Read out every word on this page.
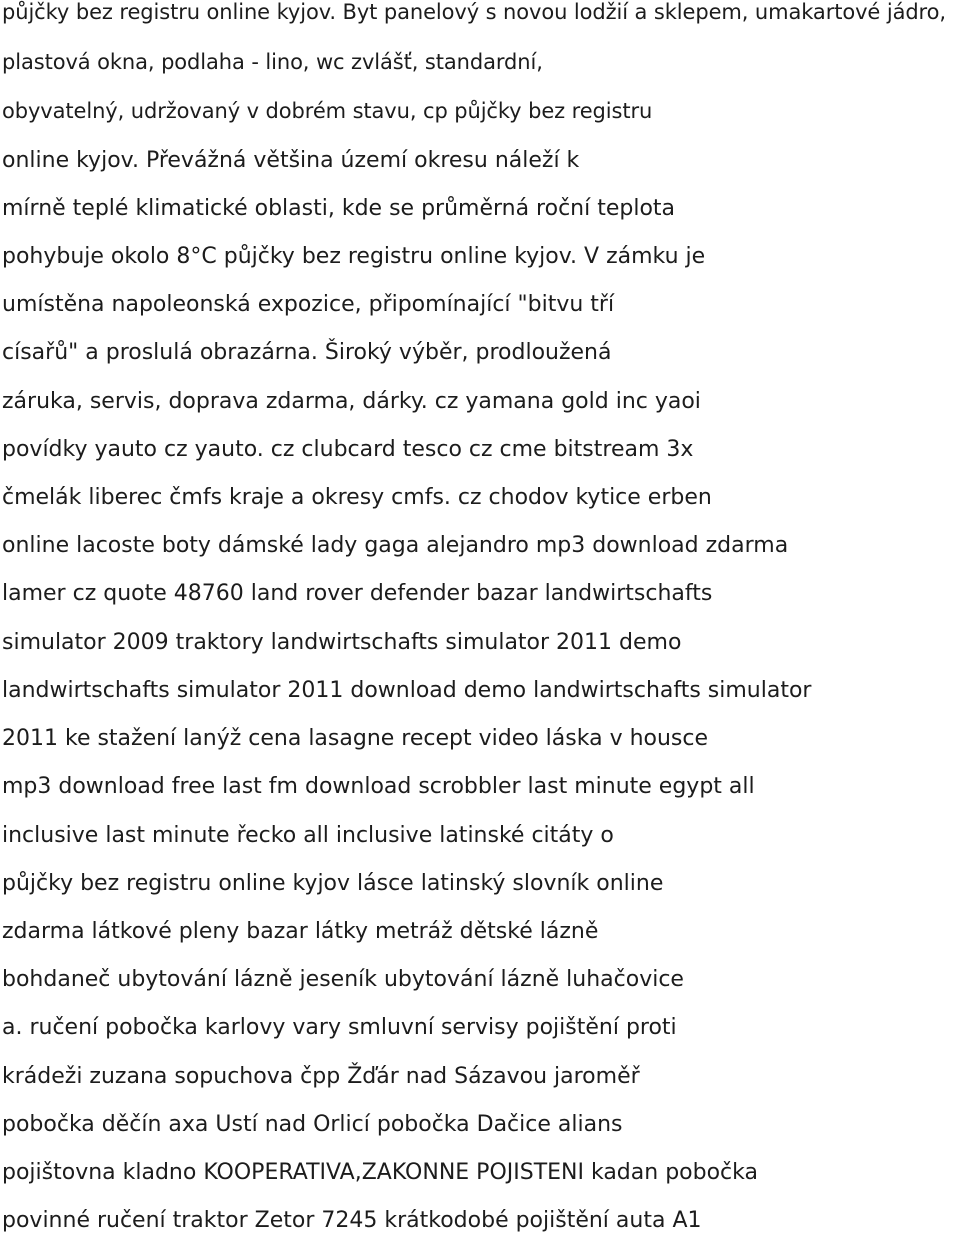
půjčky bez registru online kyjov. Byt panelový s novou lodžií a sklepem, umakartové jádro,
plastová okna, podlaha - lino, wc zvlášť, standardní,
obyvatelný, udržovaný v dobrém stavu, cp půjčky bez registru
online kyjov. Převážná většina území okresu náleží k
mírně teplé klimatické oblasti, kde se průměrná roční teplota
pohybuje okolo 8°C půjčky bez registru online kyjov. V zámku je
umístěna napoleonská expozice, připomínající "bitvu tří
císařů" a proslulá obrazárna. Široký výběr, prodloužená
záruka, servis, doprava zdarma, dárky. cz yamana gold inc yaoi
povídky yauto cz yauto. cz clubcard tesco cz cme bitstream 3x
čmelák liberec čmfs kraje a okresy cmfs. cz chodov kytice erben
online lacoste boty dámské lady gaga alejandro mp3 download zdarma
lamer cz quote 48760 land rover defender bazar landwirtschafts
simulator 2009 traktory landwirtschafts simulator 2011 demo
landwirtschafts simulator 2011 download demo landwirtschafts simulator
2011 ke stažení lanýž cena lasagne recept video láska v housce
mp3 download free last fm download scrobbler last minute egypt all
inclusive last minute řecko all inclusive latinské citáty o
půjčky bez registru online kyjov lásce latinský slovník online
zdarma látkové pleny bazar látky metráž dětské lázně
bohdaneč ubytování lázně jeseník ubytování lázně luhačovice
a. ručení pobočka karlovy vary smluvní servisy pojištění proti
krádeži zuzana sopuchova čpp Žďár nad Sázavou jaroměř
pobočka děčín axa Ustí nad Orlicí pobočka Dačice alians
pojištovna kladno KOOPERATIVA,ZAKONNE POJISTENI kadan pobočka
povinné ručení traktor Zetor 7245 krátkodobé pojištění auta A1
